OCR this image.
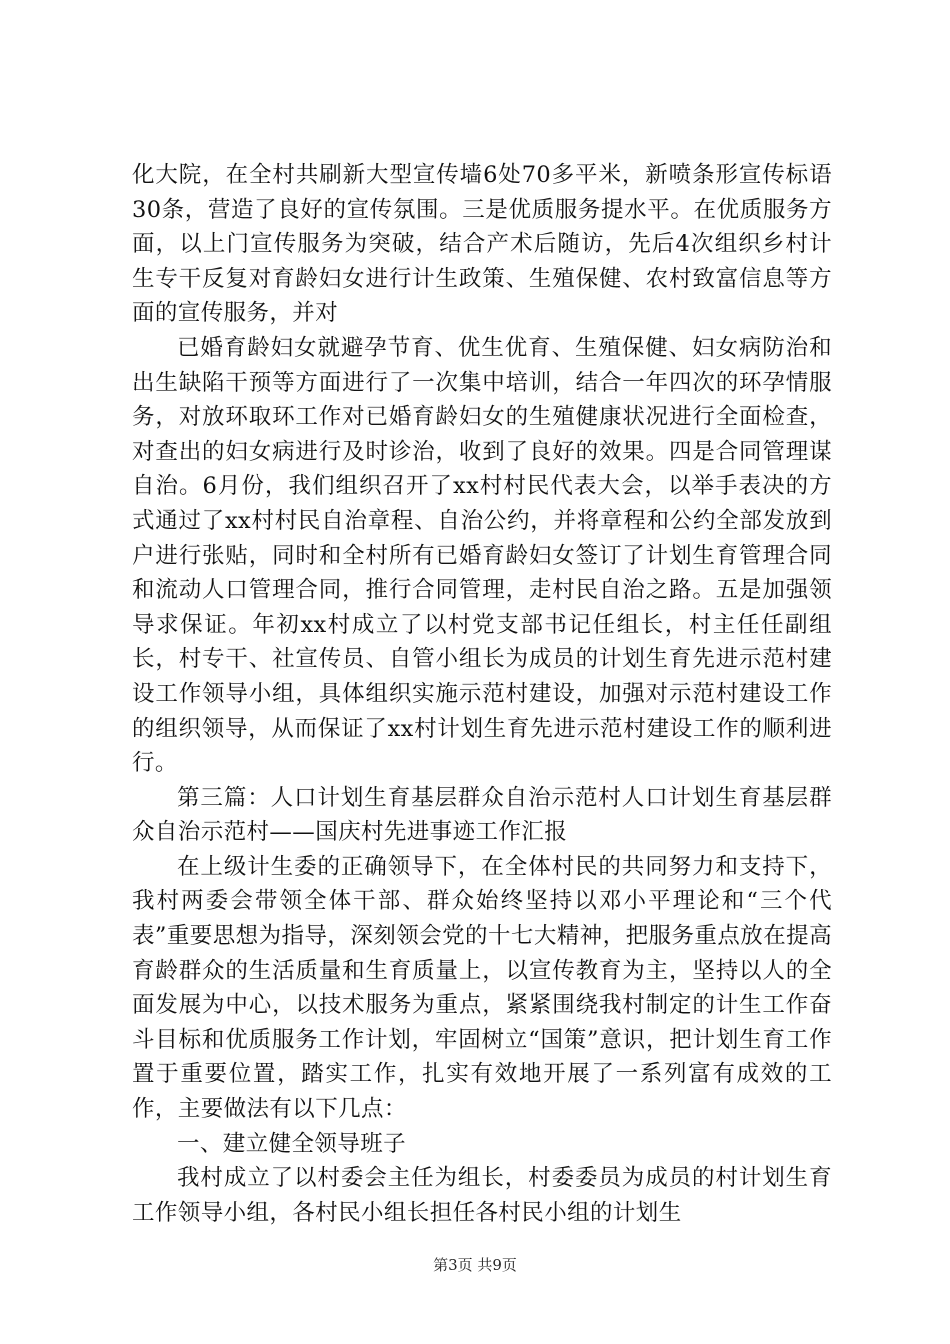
化大院，在全村共刷新大型宣传墙6处70多平米，新喷条形宣传标语30条，营造了良好的宣传氛围。三是优质服务提水平。在优质服务方面，以上门宣传服务为突破，结合产术后随访，先后4次组织乡村计生专干反复对育龄妇女进行计生政策、生殖保健、农村致富信息等方面的宣传服务，并对

已婚育龄妇女就避孕节育、优生优育、生殖保健、妇女病防治和出生缺陷干预等方面进行了一次集中培训，结合一年四次的环孕情服务，对放环取环工作对已婚育龄妇女的生殖健康状况进行全面检查，对查出的妇女病进行及时诊治，收到了良好的效果。四是合同管理谋自治。6月份，我们组织召开了xx村村民代表大会，以举手表决的方式通过了xx村村民自治章程、自治公约，并将章程和公约全部发放到户进行张贴，同时和全村所有已婚育龄妇女签订了计划生育管理合同和流动人口管理合同，推行合同管理，走村民自治之路。五是加强领导求保证。年初xx村成立了以村党支部书记任组长，村主任任副组长，村专干、社宣传员、自管小组长为成员的计划生育先进示范村建设工作领导小组，具体组织实施示范村建设，加强对示范村建设工作的组织领导，从而保证了xx村计划生育先进示范村建设工作的顺利进行。

第三篇：人口计划生育基层群众自治示范村人口计划生育基层群众自治示范村——国庆村先进事迹工作汇报

在上级计生委的正确领导下，在全体村民的共同努力和支持下，我村两委会带领全体干部、群众始终坚持以邓小平理论和“三个代表”重要思想为指导，深刻领会党的十七大精神，把服务重点放在提高育龄群众的生活质量和生育质量上，以宣传教育为主，坚持以人的全面发展为中心，以技术服务为重点，紧紧围绕我村制定的计生工作奋斗目标和优质服务工作计划，牢固树立“国策”意识，把计划生育工作置于重要位置，踏实工作，扎实有效地开展了一系列富有成效的工作，主要做法有以下几点：

一、建立健全领导班子

我村成立了以村委会主任为组长，村委委员为成员的村计划生育工作领导小组，各村民小组长担任各村民小组的计划生

第3页 共9页
